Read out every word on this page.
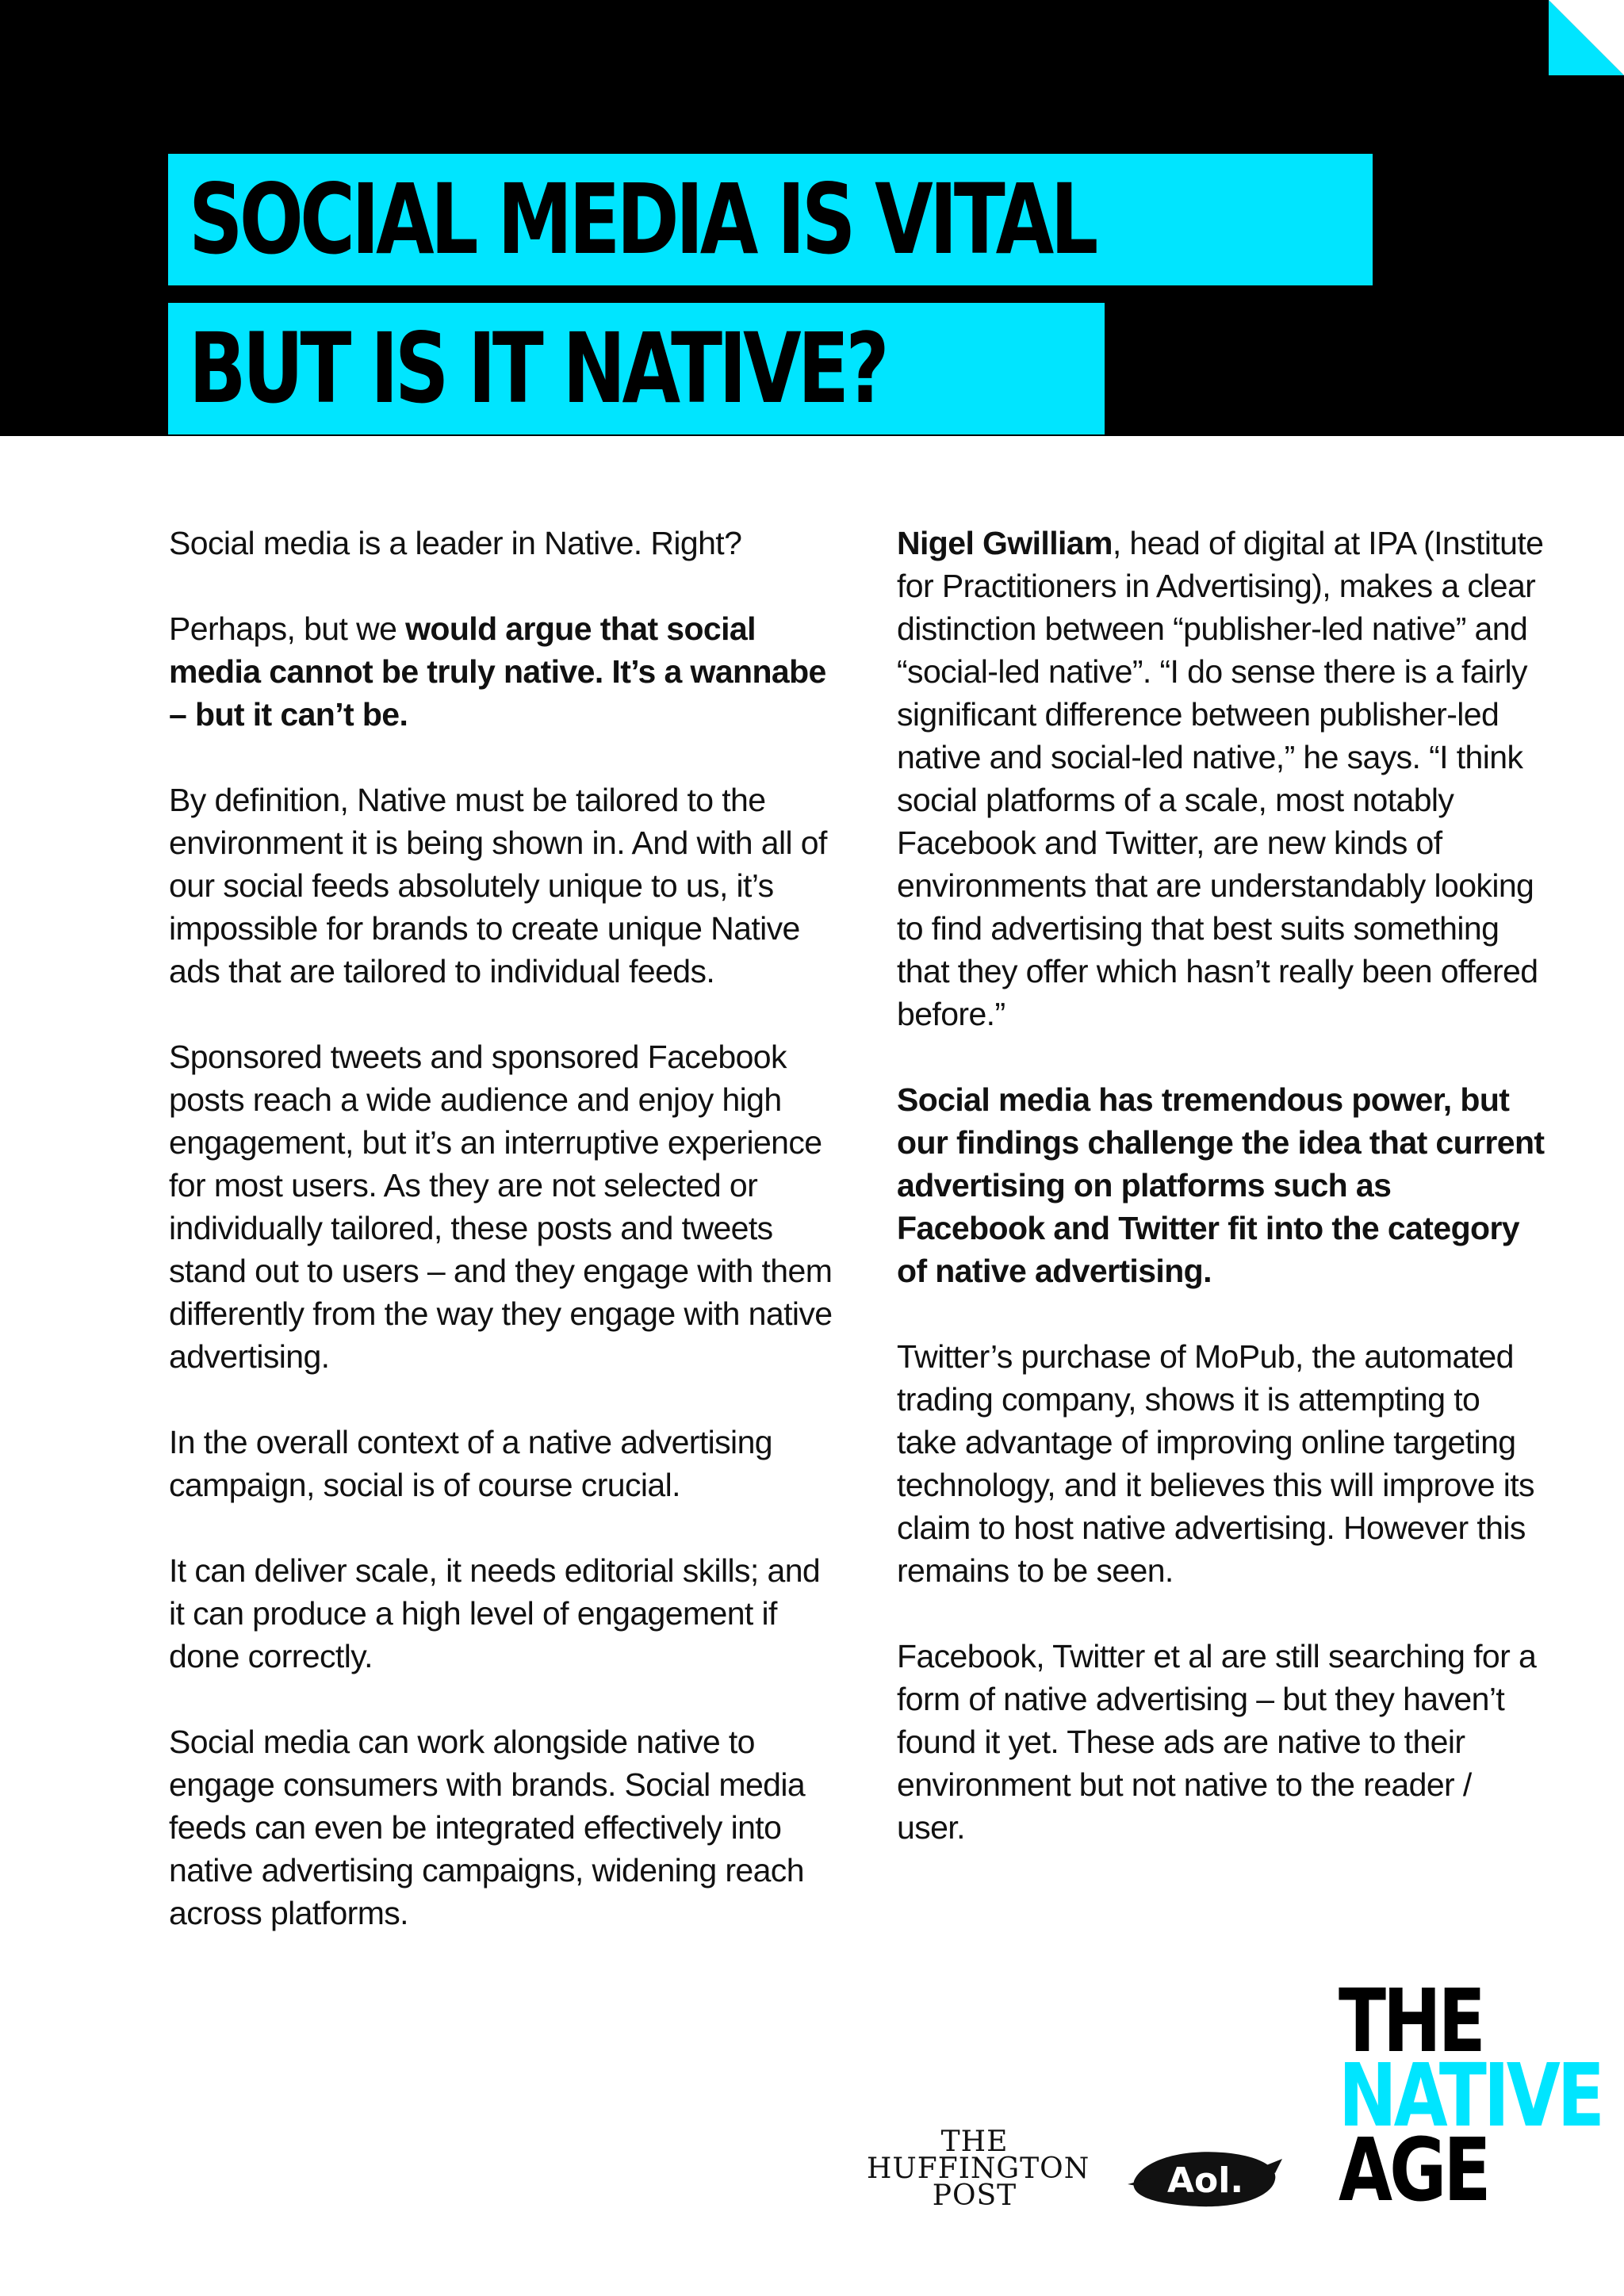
SOCIAL MEDIA IS VITAL
BUT IS IT NATIVE?

Social media is a leader in Native. Right?

Perhaps, but we would argue that social media cannot be truly native. It’s a wannabe – but it can’t be.

By definition, Native must be tailored to the environment it is being shown in. And with all of our social feeds absolutely unique to us, it’s impossible for brands to create unique Native ads that are tailored to individual feeds.

Sponsored tweets and sponsored Facebook posts reach a wide audience and enjoy high engagement, but it’s an interruptive experience for most users. As they are not selected or individually tailored, these posts and tweets stand out to users – and they engage with them differently from the way they engage with native advertising.

In the overall context of a native advertising campaign, social is of course crucial.

It can deliver scale, it needs editorial skills; and it can produce a high level of engagement if done correctly.

Social media can work alongside native to engage consumers with brands. Social media feeds can even be integrated effectively into native advertising campaigns, widening reach across platforms.

Nigel Gwilliam, head of digital at IPA (Institute for Practitioners in Advertising), makes a clear distinction between “publisher-led native” and “social-led native”. “I do sense there is a fairly significant difference between publisher-led native and social-led native,” he says. “I think social platforms of a scale, most notably Facebook and Twitter, are new kinds of environments that are understandably looking to find advertising that best suits something that they offer which hasn’t really been offered before.”

Social media has tremendous power, but our findings challenge the idea that current advertising on platforms such as Facebook and Twitter fit into the category of native advertising.

Twitter’s purchase of MoPub, the automated trading company, shows it is attempting to take advantage of improving online targeting technology, and it believes this will improve its claim to host native advertising. However this remains to be seen.

Facebook, Twitter et al are still searching for a form of native advertising – but they haven’t found it yet. These ads are native to their environment but not native to the reader / user.

THE
HUFFINGTON
POST	Aol.
THE
NATIVE
AGE
